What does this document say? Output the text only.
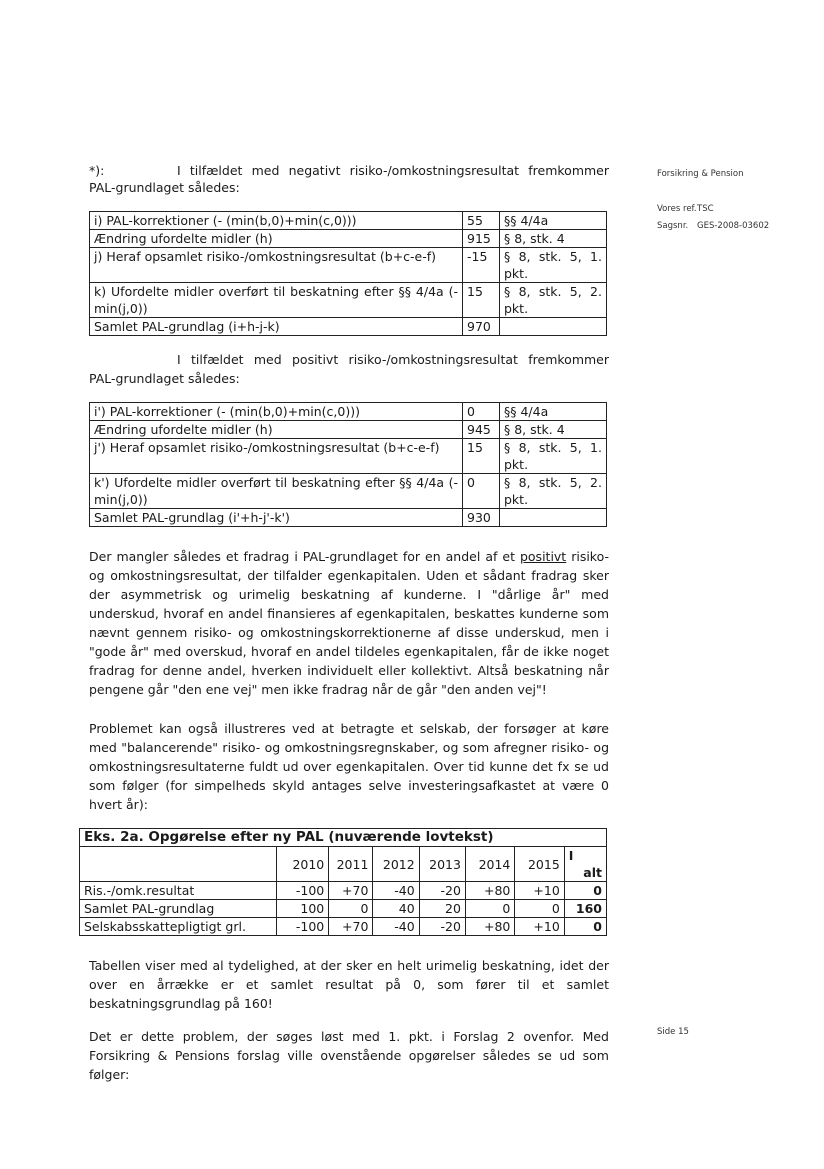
Forsikring & Pension
Vores ref.TSC
Sagsnr. GES-2008-03602
Side 15
*):	I tilfældet med negativt risiko-/omkostningsresultat fremkommer

PAL-grundlaget således:

i) PAL-korrektioner (- (min(b,0)+min(c,0)))	55	§§ 4/4a
Ændring ufordelte midler (h)	915	§ 8, stk. 4
j) Heraf opsamlet risiko-/omkostningsresultat (b+c-e-f)	-15	§ 8, stk. 5, 1. pkt.
k) Ufordelte midler overført til beskatning efter §§ 4/4a (- min(j,0))	15	§ 8, stk. 5, 2. pkt.
Samlet PAL-grundlag (i+h-j-k)	970	

I tilfældet med positivt risiko-/omkostningsresultat fremkommer

PAL-grundlaget således:

i') PAL-korrektioner (- (min(b,0)+min(c,0)))	0	§§ 4/4a
Ændring ufordelte midler (h)	945	§ 8, stk. 4
j') Heraf opsamlet risiko-/omkostningsresultat (b+c-e-f)	15	§ 8, stk. 5, 1. pkt.
k') Ufordelte midler overført til beskatning efter §§ 4/4a (- min(j,0))	0	§ 8, stk. 5, 2. pkt.
Samlet PAL-grundlag (i'+h-j'-k')	930	

Der mangler således et fradrag i PAL-grundlaget for en andel af et positivt risiko- og omkostningsresultat, der tilfalder egenkapitalen. Uden et sådant fradrag sker der asymmetrisk og urimelig beskatning af kunderne. I "dårlige år" med underskud, hvoraf en andel finansieres af egenkapitalen, beskattes kunderne som nævnt gennem risiko- og omkostningskorrektionerne af disse underskud, men i "gode år" med overskud, hvoraf en andel tildeles egenkapitalen, får de ikke noget fradrag for denne andel, hverken individuelt eller kollektivt. Altså beskatning når pengene går "den ene vej" men ikke fradrag når de går "den anden vej"!

Problemet kan også illustreres ved at betragte et selskab, der forsøger at køre med "balancerende" risiko- og omkostningsregnskaber, og som afregner risiko- og omkostningsresultaterne fuldt ud over egenkapitalen. Over tid kunne det fx se ud som følger (for simpelheds skyld antages selve investeringsafkastet at være 0 hvert år):

Eks. 2a. Opgørelse efter ny PAL (nuværende lovtekst)							
	2010	2011	2012	2013	2014	2015	I
alt

Ris.-/omk.resultat	-100	+70	-40	-20	+80	+10	0
Samlet PAL-grundlag	100	0	40	20	0	0	160
Selskabsskattepligtigt grl.	-100	+70	-40	-20	+80	+10	0

Tabellen viser med al tydelighed, at der sker en helt urimelig beskatning, idet der over en årrække er et samlet resultat på 0, som fører til et samlet beskatningsgrundlag på 160!

Det er dette problem, der søges løst med 1. pkt. i Forslag 2 ovenfor. Med Forsikring & Pensions forslag ville ovenstående opgørelser således se ud som følger:
